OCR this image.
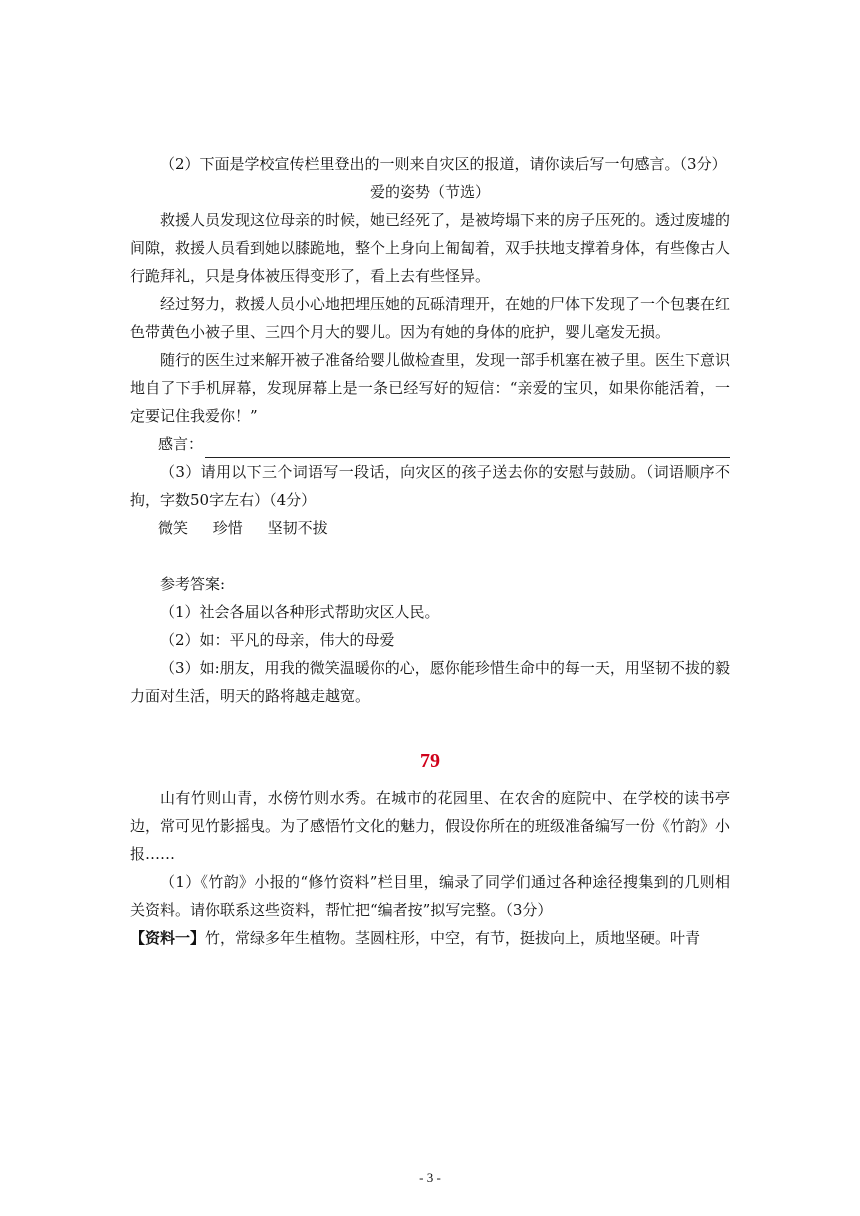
（2）下面是学校宣传栏里登出的一则来自灾区的报道，请你读后写一句感言。（3分）

爱的姿势（节选）

救援人员发现这位母亲的时候，她已经死了，是被垮塌下来的房子压死的。透过废墟的间隙，救援人员看到她以膝跪地，整个上身向上匍匐着，双手扶地支撑着身体，有些像古人行跪拜礼，只是身体被压得变形了，看上去有些怪异。

经过努力，救援人员小心地把埋压她的瓦砾清理开，在她的尸体下发现了一个包裹在红色带黄色小被子里、三四个月大的婴儿。因为有她的身体的庇护，婴儿毫发无损。

随行的医生过来解开被子准备给婴儿做检查里，发现一部手机塞在被子里。医生下意识地自了下手机屏幕，发现屏幕上是一条已经写好的短信：“亲爱的宝贝，如果你能活着，一定要记住我爱你！”

感言：

（3）请用以下三个词语写一段话，向灾区的孩子送去你的安慰与鼓励。（词语顺序不拘，字数50字左右）（4分）

微笑 珍惜 坚韧不拔

参考答案:

（1）社会各届以各种形式帮助灾区人民。

（2）如：平凡的母亲，伟大的母爱

（3）如:朋友，用我的微笑温暖你的心，愿你能珍惜生命中的每一天，用坚韧不拔的毅力面对生活，明天的路将越走越宽。

79

山有竹则山青，水傍竹则水秀。在城市的花园里、在农舍的庭院中、在学校的读书亭边，常可见竹影摇曳。为了感悟竹文化的魅力，假设你所在的班级准备编写一份《竹韵》小报……

（1）《竹韵》小报的“修竹资料”栏目里，编录了同学们通过各种途径搜集到的几则相关资料。请你联系这些资料，帮忙把“编者按”拟写完整。（3分）

【资料一】竹，常绿多年生植物。茎圆柱形，中空，有节，挺拔向上，质地坚硬。叶青

- 3 -
